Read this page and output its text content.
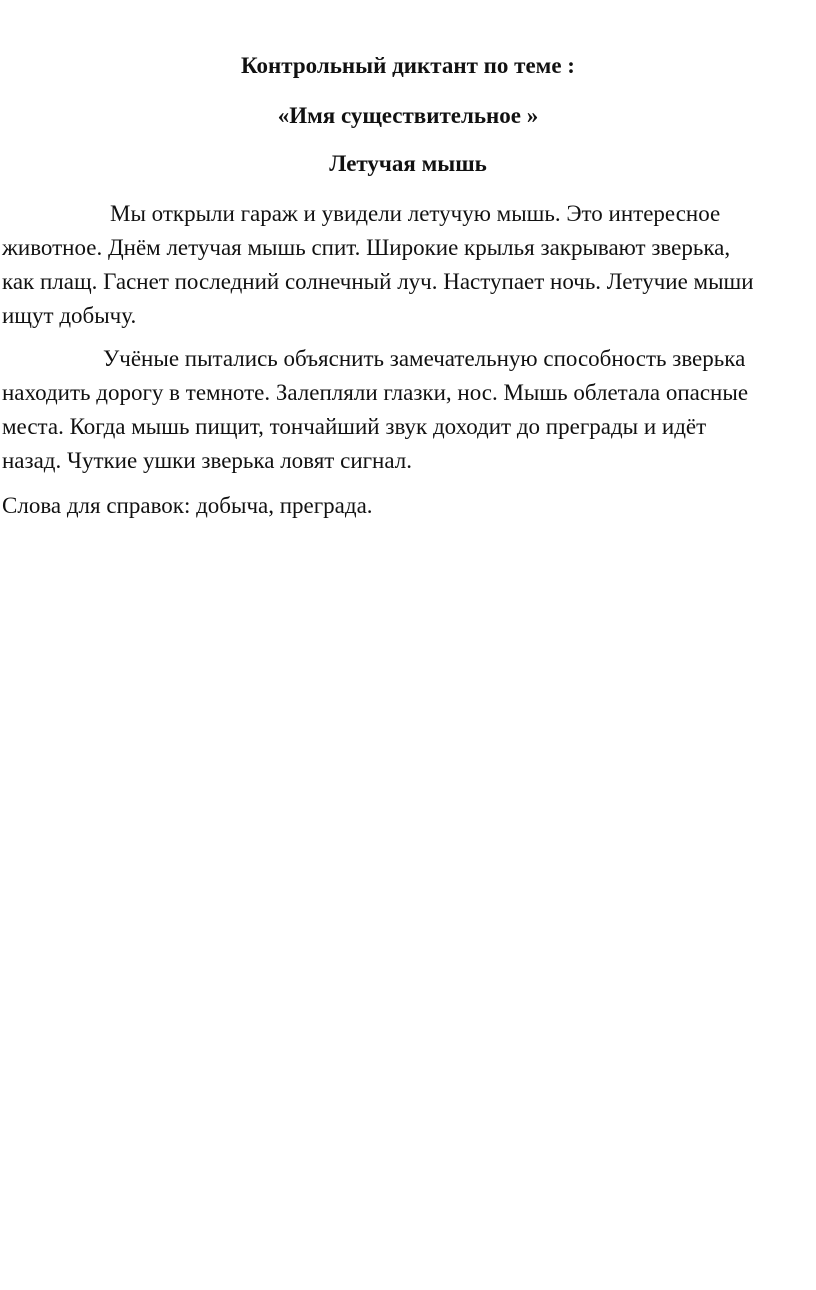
Контрольный диктант по теме :

«Имя существительное »

Летучая мышь

Мы открыли гараж и увидели летучую мышь. Это интересное
животное. Днём летучая мышь спит. Широкие крылья закрывают зверька,
как плащ. Гаснет последний солнечный луч. Наступает ночь. Летучие мыши
ищут добычу.

Учёные пытались объяснить замечательную способность зверька
находить дорогу в темноте. Залепляли глазки, нос. Мышь облетала опасные
места. Когда мышь пищит, тончайший звук доходит до преграды и идёт
назад. Чуткие ушки зверька ловят сигнал.

Слова для справок: добыча, преграда.
